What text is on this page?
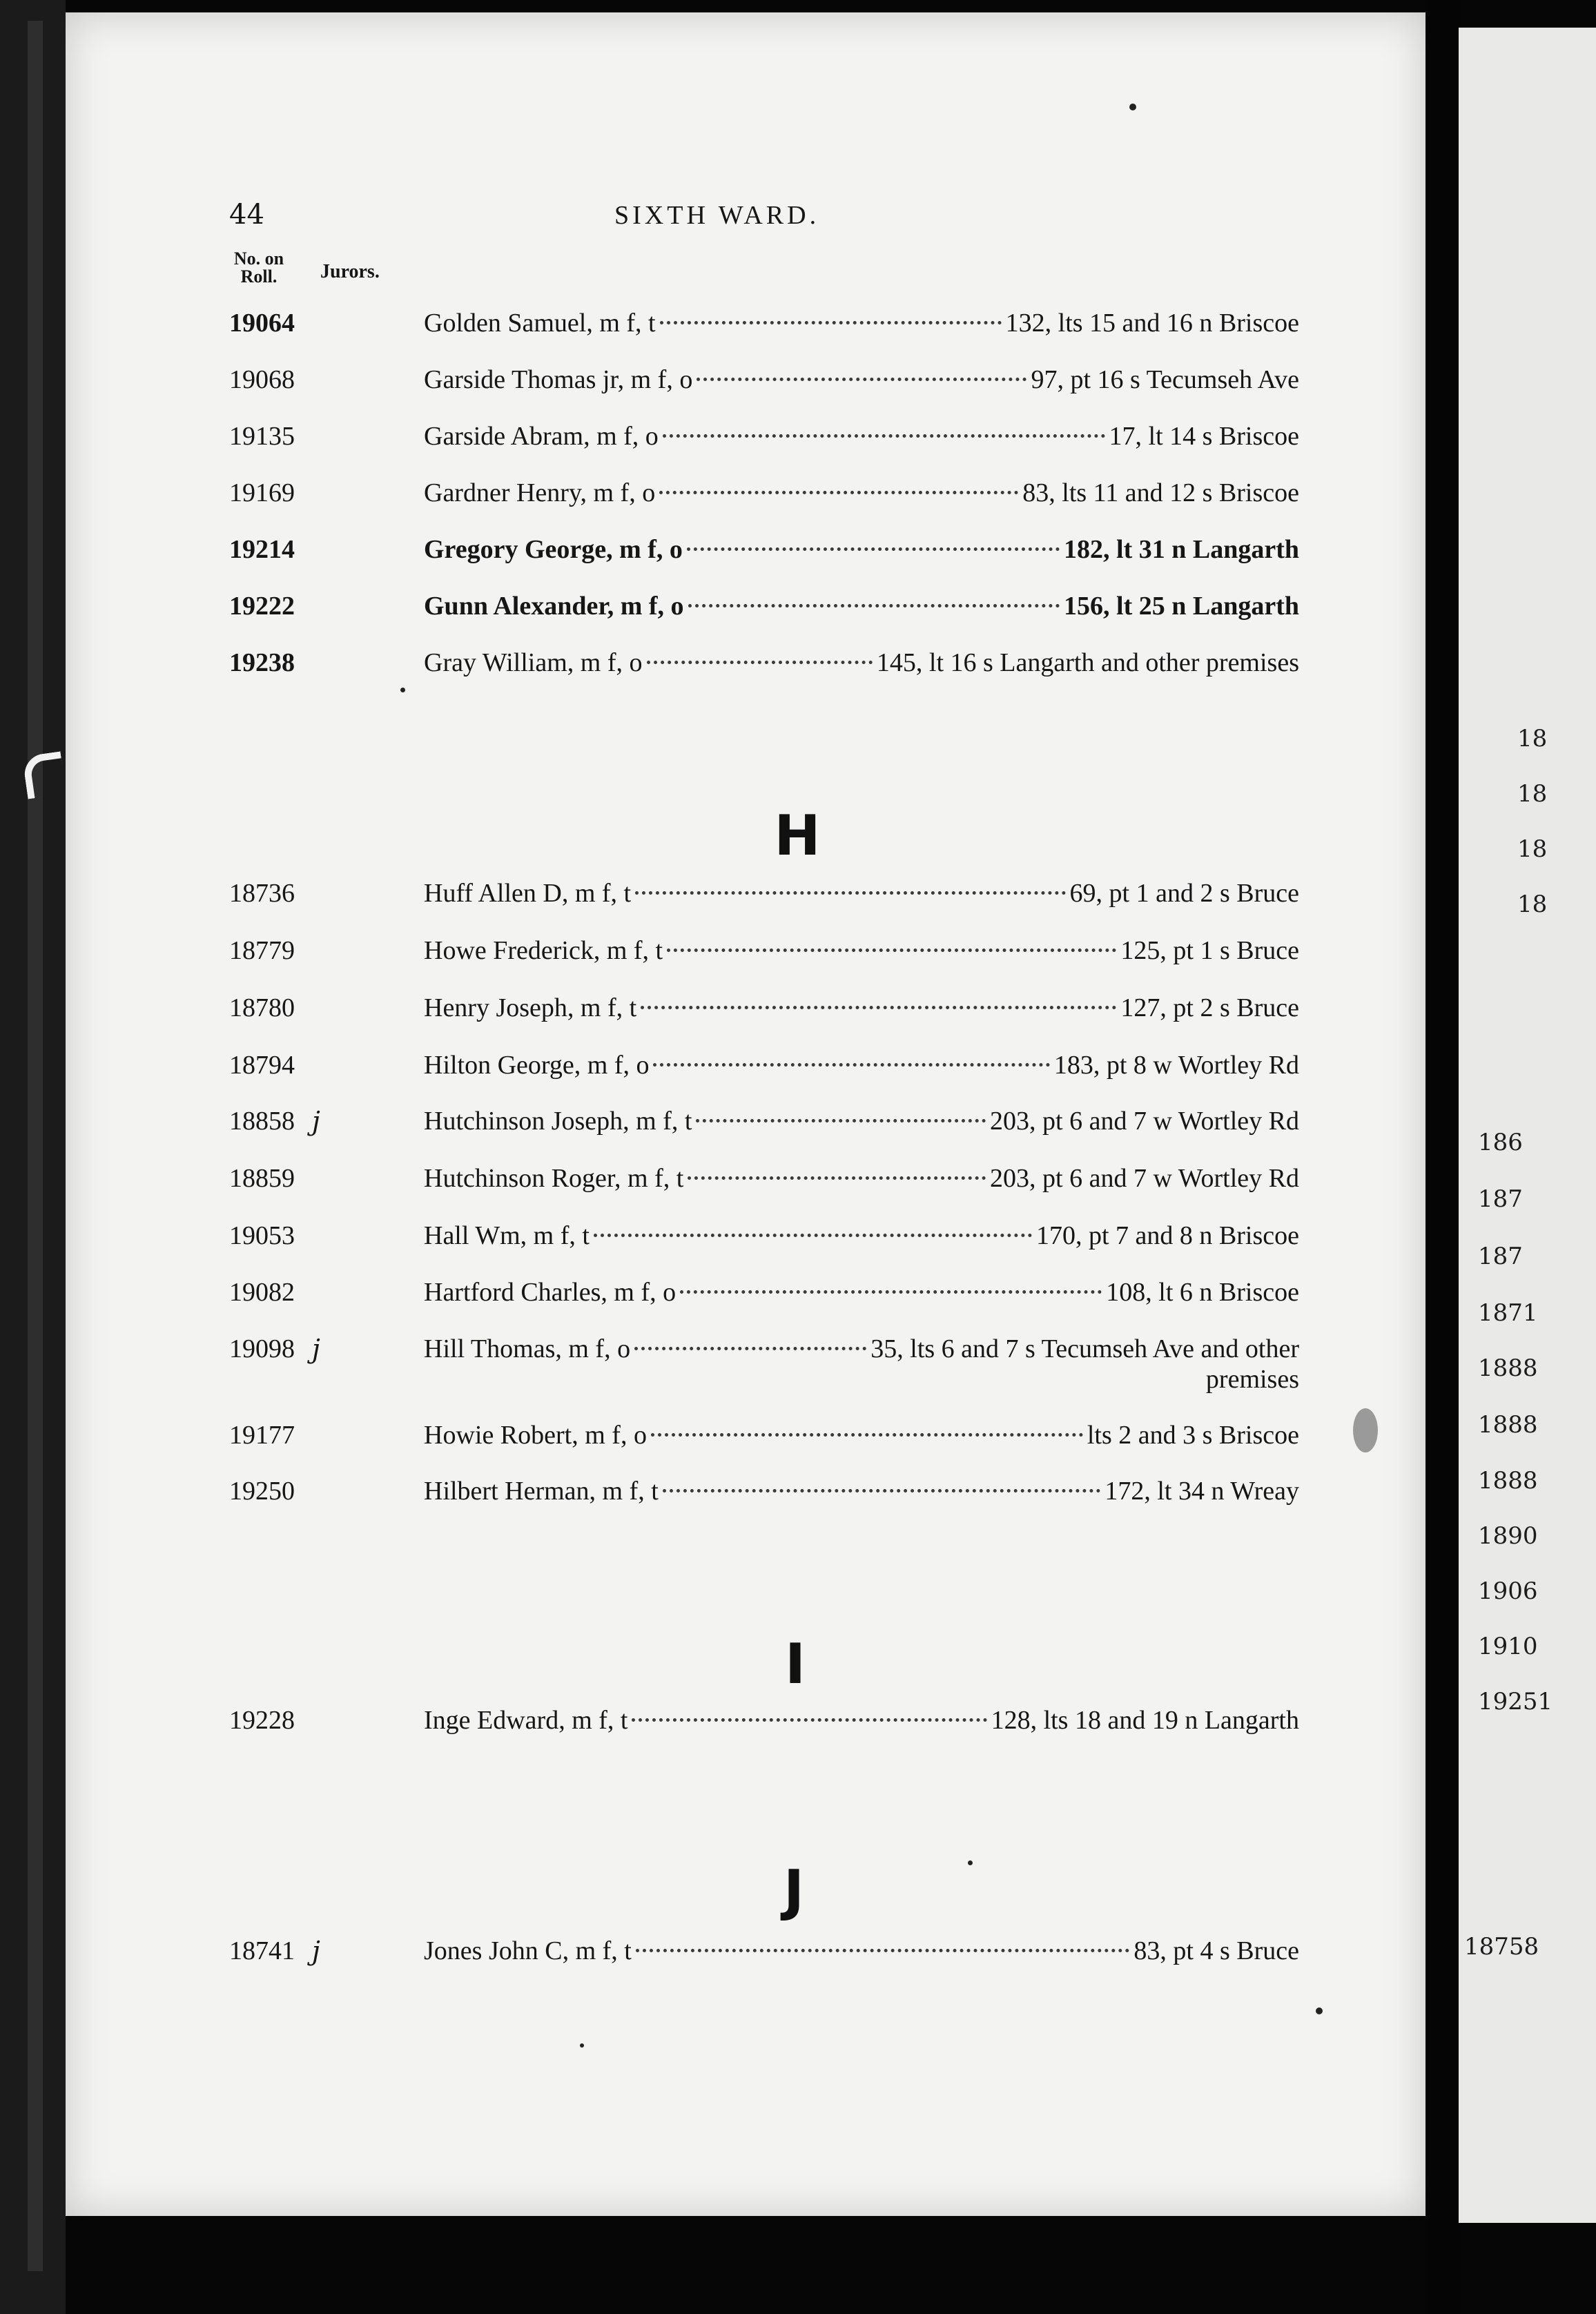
44	SIXTH WARD.
No. on Roll.	Jurors.
19064	Golden Samuel, m f, t	132, lts 15 and 16 n Briscoe
19068	Garside Thomas jr, m f, o	97, pt 16 s Tecumseh Ave
19135	Garside Abram, m f, o	17, lt 14 s Briscoe
19169	Gardner Henry, m f, o	83, lts 11 and 12 s Briscoe
19214	Gregory George, m f, o	182, lt 31 n Langarth
19222	Gunn Alexander, m f, o	156, lt 25 n Langarth
19238	Gray William, m f, o	145, lt 16 s Langarth and other premises
H
18736	Huff Allen D, m f, t	69, pt 1 and 2 s Bruce
18779	Howe Frederick, m f, t	125, pt 1 s Bruce
18780	Henry Joseph, m f, t	127, pt 2 s Bruce
18794	Hilton George, m f, o	183, pt 8 w Wortley Rd
18858 j	Hutchinson Joseph, m f, t	203, pt 6 and 7 w Wortley Rd
18859	Hutchinson Roger, m f, t	203, pt 6 and 7 w Wortley Rd
19053	Hall Wm, m f, t	170, pt 7 and 8 n Briscoe
19082	Hartford Charles, m f, o	108, lt 6 n Briscoe
19098 j	Hill Thomas, m f, o	35, lts 6 and 7 s Tecumseh Ave and other
premises
19177	Howie Robert, m f, o	lts 2 and 3 s Briscoe
19250	Hilbert Herman, m f, t	172, lt 34 n Wreay
I
19228	Inge Edward, m f, t	128, lts 18 and 19 n Langarth
J
18741 j	Jones John C, m f, t	83, pt 4 s Bruce
18
18
18
18
186
187
187
1871
1888
1888
1888
1890
1906
1910
19251
18758
